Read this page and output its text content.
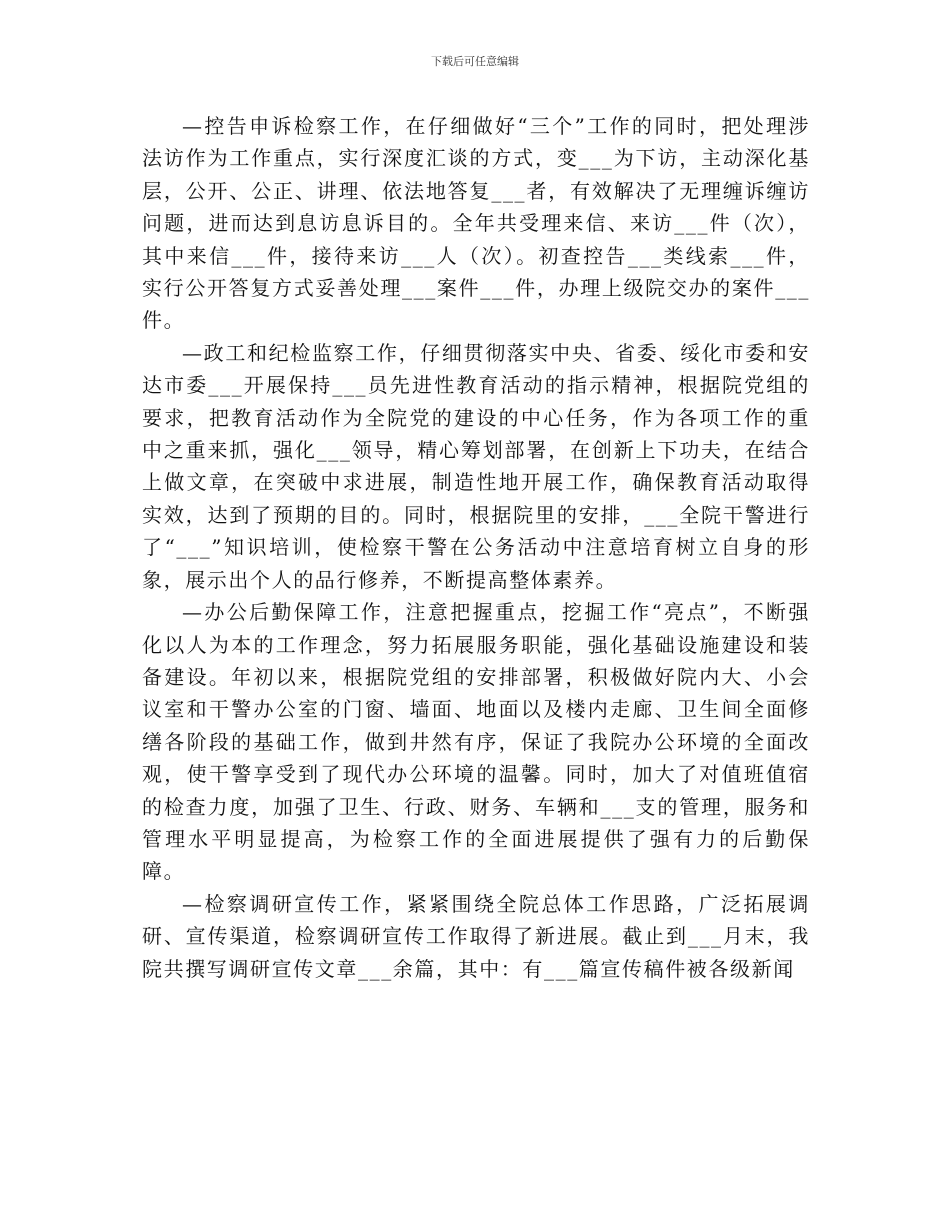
下载后可任意编辑

—控告申诉检察工作，在仔细做好“三个”工作的同时，把处理涉法访作为工作重点，实行深度汇谈的方式，变___为下访，主动深化基层，公开、公正、讲理、依法地答复___者，有效解决了无理缠诉缠访问题，进而达到息访息诉目的。全年共受理来信、来访___件（次），其中来信___件，接待来访___人（次）。初查控告___类线索___件，实行公开答复方式妥善处理___案件___件，办理上级院交办的案件___件。

—政工和纪检监察工作，仔细贯彻落实中央、省委、绥化市委和安达市委___开展保持___员先进性教育活动的指示精神，根据院党组的要求，把教育活动作为全院党的建设的中心任务，作为各项工作的重中之重来抓，强化___领导，精心筹划部署，在创新上下功夫，在结合上做文章，在突破中求进展，制造性地开展工作，确保教育活动取得实效，达到了预期的目的。同时，根据院里的安排，___全院干警进行了“___”知识培训，使检察干警在公务活动中注意培育树立自身的形象，展示出个人的品行修养，不断提高整体素养。

—办公后勤保障工作，注意把握重点，挖掘工作“亮点”，不断强化以人为本的工作理念，努力拓展服务职能，强化基础设施建设和装备建设。年初以来，根据院党组的安排部署，积极做好院内大、小会议室和干警办公室的门窗、墙面、地面以及楼内走廊、卫生间全面修缮各阶段的基础工作，做到井然有序，保证了我院办公环境的全面改观，使干警享受到了现代办公环境的温馨。同时，加大了对值班值宿的检查力度，加强了卫生、行政、财务、车辆和___支的管理，服务和管理水平明显提高，为检察工作的全面进展提供了强有力的后勤保障。

—检察调研宣传工作，紧紧围绕全院总体工作思路，广泛拓展调研、宣传渠道，检察调研宣传工作取得了新进展。截止到___月末，我院共撰写调研宣传文章___余篇，其中：有___篇宣传稿件被各级新闻
